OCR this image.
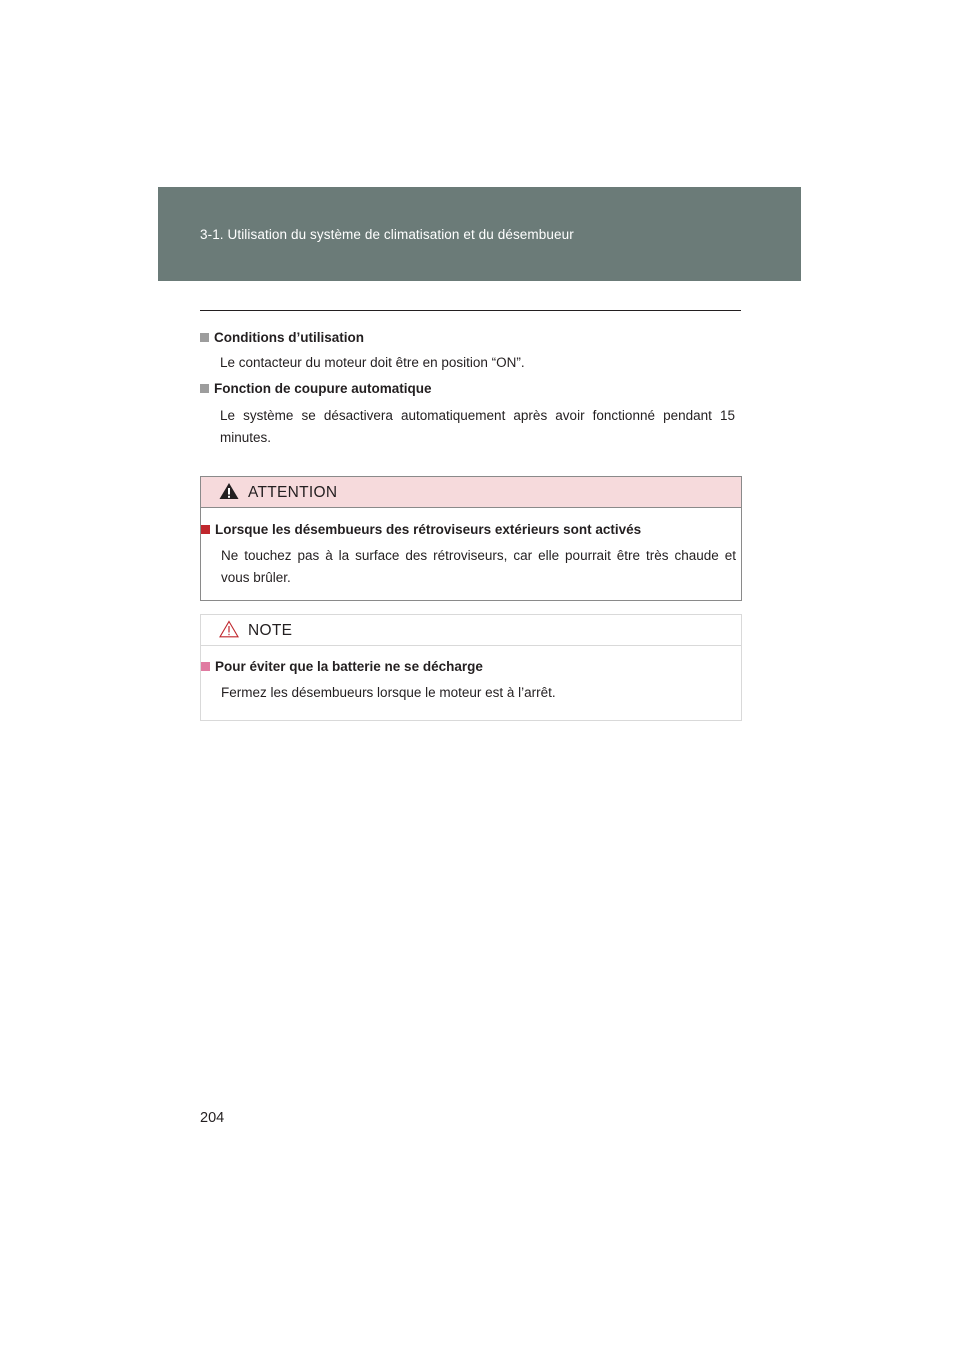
3-1. Utilisation du système de climatisation et du désembueur
Conditions d’utilisation
Le contacteur du moteur doit être en position “ON”.
Fonction de coupure automatique
Le système se désactivera automatiquement après avoir fonctionné pendant 15 minutes.
ATTENTION
Lorsque les désembueurs des rétroviseurs extérieurs sont activés
Ne touchez pas à la surface des rétroviseurs, car elle pourrait être très chaude et vous brûler.
NOTE
Pour éviter que la batterie ne se décharge
Fermez les désembueurs lorsque le moteur est à l’arrêt.
204
